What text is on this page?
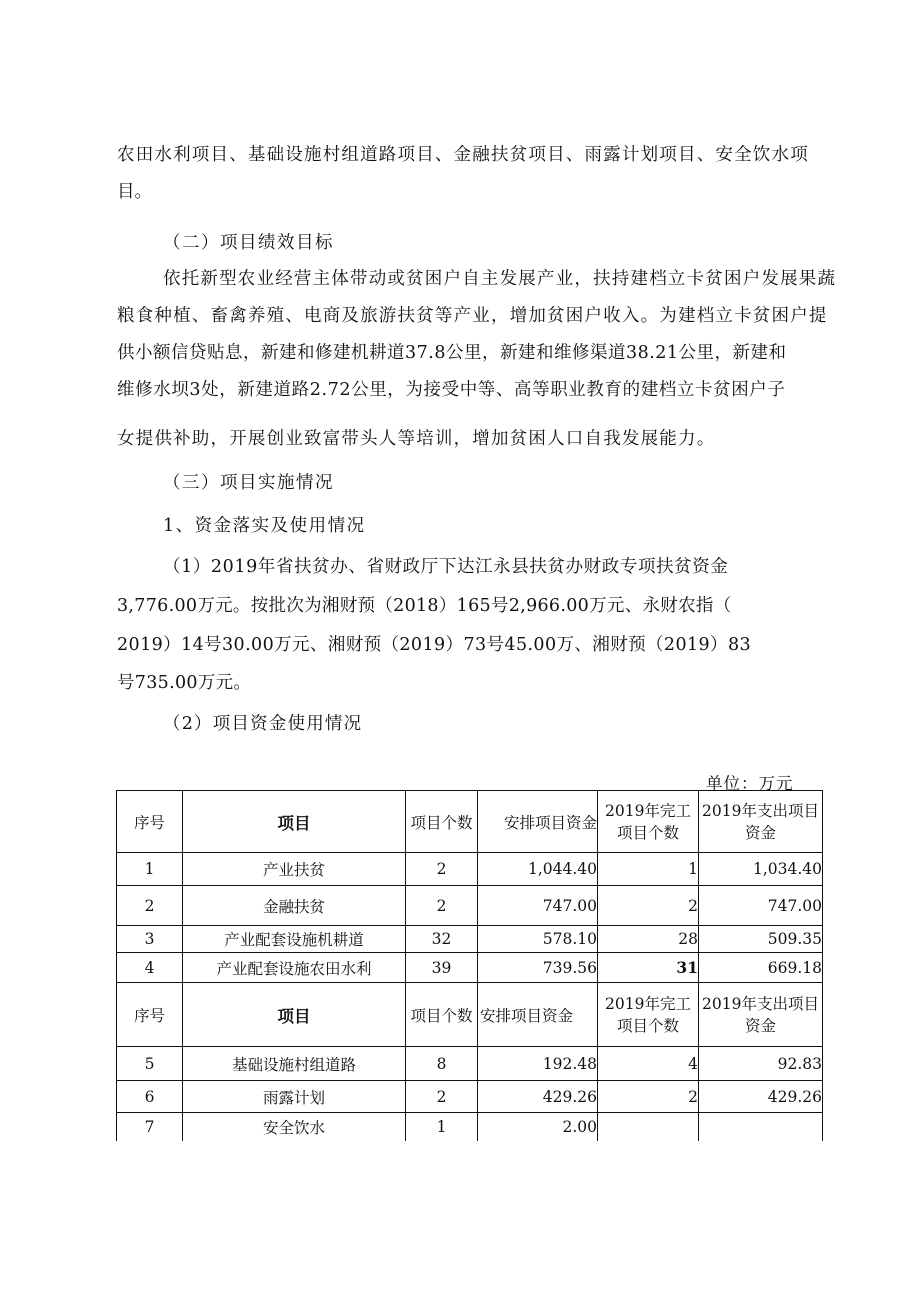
农田水利项目、基础设施村组道路项目、金融扶贫项目、雨露计划项目、安全饮水项
目。
（二）项目绩效目标
依托新型农业经营主体带动或贫困户自主发展产业，扶持建档立卡贫困户发展果蔬
粮食种植、畜禽养殖、电商及旅游扶贫等产业，增加贫困户收入。为建档立卡贫困户提
供小额信贷贴息，新建和修建机耕道37.8公里，新建和维修渠道38.21公里，新建和
维修水坝3处，新建道路2.72公里，为接受中等、高等职业教育的建档立卡贫困户子
女提供补助，开展创业致富带头人等培训，增加贫困人口自我发展能力。
（三）项目实施情况
1、资金落实及使用情况
（1）2019年省扶贫办、省财政厅下达江永县扶贫办财政专项扶贫资金
3,776.00万元。按批次为湘财预（2018）165号2,966.00万元、永财农指（
2019）14号30.00万元、湘财预（2019）73号45.00万、湘财预（2019）83
号735.00万元。
（2）项目资金使用情况
单位：万元
序号	项目	项目个数	安排项目资金	2019年完工项目个数	2019年支出项目资金
1	产业扶贫	2	1,044.40	1	1,034.40
2	金融扶贫	2	747.00	2	747.00
3	产业配套设施机耕道	32	578.10	28	509.35
4	产业配套设施农田水利	39	739.56	31	669.18
序号	项目	项目个数	安排项目资金	2019年完工项目个数	2019年支出项目资金
5	基础设施村组道路	8	192.48	4	92.83
6	雨露计划	2	429.26	2	429.26
7	安全饮水	1	2.00		
